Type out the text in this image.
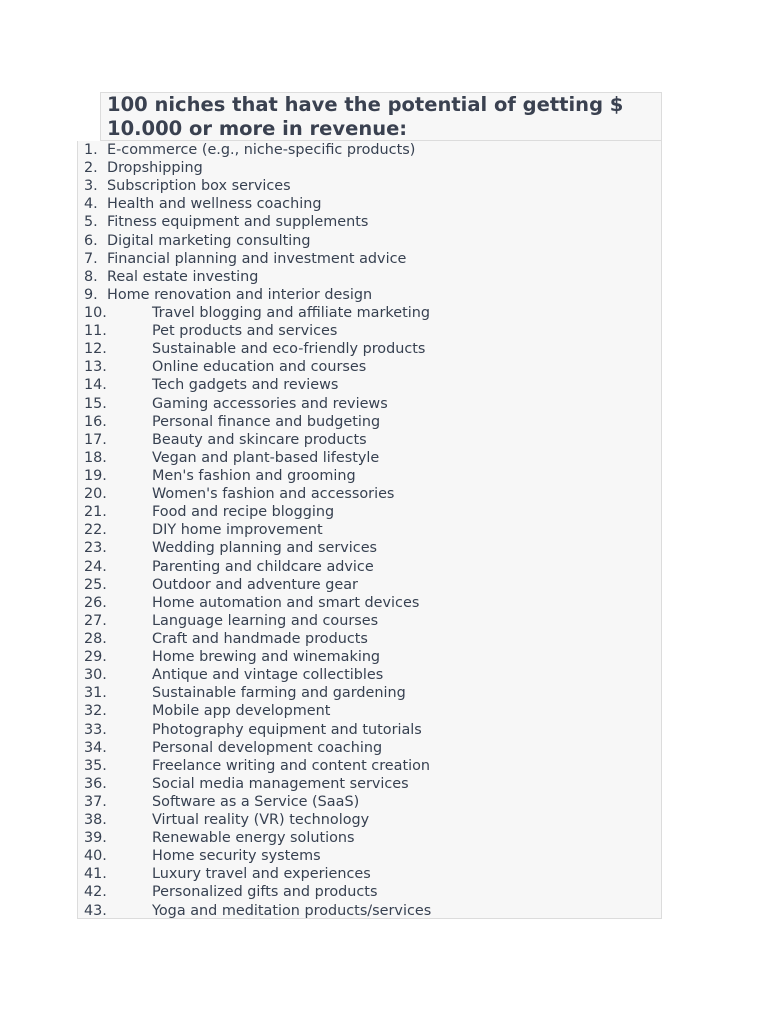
100 niches that have the potential of getting $ 10.000 or more in revenue:
1. E-commerce (e.g., niche-specific products)
2. Dropshipping
3. Subscription box services
4. Health and wellness coaching
5. Fitness equipment and supplements
6. Digital marketing consulting
7. Financial planning and investment advice
8. Real estate investing
9. Home renovation and interior design
10.	Travel blogging and affiliate marketing
11.	Pet products and services
12.	Sustainable and eco-friendly products
13.	Online education and courses
14.	Tech gadgets and reviews
15.	Gaming accessories and reviews
16.	Personal finance and budgeting
17.	Beauty and skincare products
18.	Vegan and plant-based lifestyle
19.	Men's fashion and grooming
20.	Women's fashion and accessories
21.	Food and recipe blogging
22.	DIY home improvement
23.	Wedding planning and services
24.	Parenting and childcare advice
25.	Outdoor and adventure gear
26.	Home automation and smart devices
27.	Language learning and courses
28.	Craft and handmade products
29.	Home brewing and winemaking
30.	Antique and vintage collectibles
31.	Sustainable farming and gardening
32.	Mobile app development
33.	Photography equipment and tutorials
34.	Personal development coaching
35.	Freelance writing and content creation
36.	Social media management services
37.	Software as a Service (SaaS)
38.	Virtual reality (VR) technology
39.	Renewable energy solutions
40.	Home security systems
41.	Luxury travel and experiences
42.	Personalized gifts and products
43.	Yoga and meditation products/services
